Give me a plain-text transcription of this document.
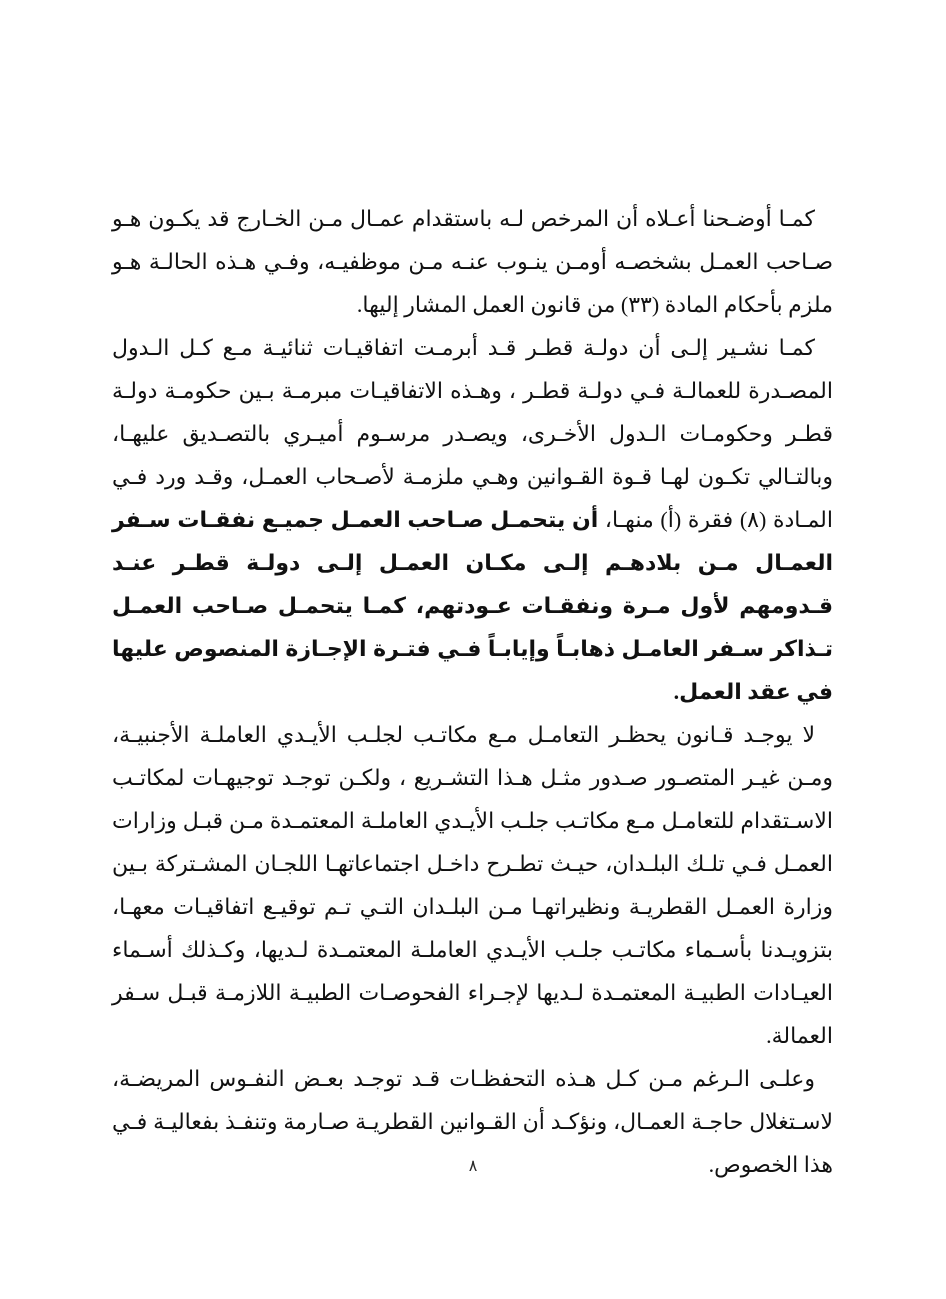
كمـا أوضـحنا أعـلاه أن المرخص لـه باستقدام عمـال مـن الخـارج قد يكـون هـو صـاحب العمـل بشخصـه أومـن ينـوب عنـه مـن موظفيـه، وفـي هـذه الحالـة هـو ملزم بأحكام المادة (٣٣) من قانون العمل المشار إليها.

كمـا نشـير إلـى أن دولـة قطـر قـد أبرمـت اتفاقيـات ثنائيـة مـع كـل الـدول المصـدرة للعمالـة فـي دولـة قطـر ، وهـذه الاتفاقيـات مبرمـة بـين حكومـة دولـة قطـر وحكومـات الـدول الأخـرى، ويصـدر مرسـوم أميـري بالتصـديق عليهـا، وبالتـالي تكـون لهـا قـوة القـوانين وهـي ملزمـة لأصـحاب العمـل، وقـد ورد فـي المـادة (٨) فقرة (أ) منهـا، أن يتحمـل صـاحب العمـل جميـع نفقـات سـفر العمـال مـن بلادهـم إلـى مكـان العمـل إلـى دولـة قطـر عنـد قـدومهم لأول مـرة ونفقـات عـودتهم، كمـا يتحمـل صـاحب العمـل تـذاكر سـفر العامـل ذهابـاً وإيابـاً فـي فتـرة الإجـازة المنصوص عليها في عقد العمل.

لا يوجـد قـانون يحظـر التعامـل مـع مكاتـب لجلـب الأيـدي العاملـة الأجنبيـة، ومـن غيـر المتصـور صـدور مثـل هـذا التشـريع ، ولكـن توجـد توجيهـات لمكاتـب الاسـتقدام للتعامـل مـع مكاتـب جلـب الأيـدي العاملـة المعتمـدة مـن قبـل وزارات العمـل فـي تلـك البلـدان، حيـث تطـرح داخـل اجتماعاتهـا اللجـان المشـتركة بـين وزارة العمـل القطريـة ونظيراتهـا مـن البلـدان التـي تـم توقيـع اتفاقيـات معهـا، بتزويـدنا بأسـماء مكاتـب جلـب الأيـدي العاملـة المعتمـدة لـديها، وكـذلك أسـماء العيـادات الطبيـة المعتمـدة لـديها لإجـراء الفحوصـات الطبيـة اللازمـة قبـل سـفر العمالة.

وعلـى الـرغم مـن كـل هـذه التحفظـات قـد توجـد بعـض النفـوس المريضـة، لاسـتغلال حاجـة العمـال، ونؤكـد أن القـوانين القطريـة صـارمة وتنفـذ بفعاليـة فـي هذا الخصوص.

٨
